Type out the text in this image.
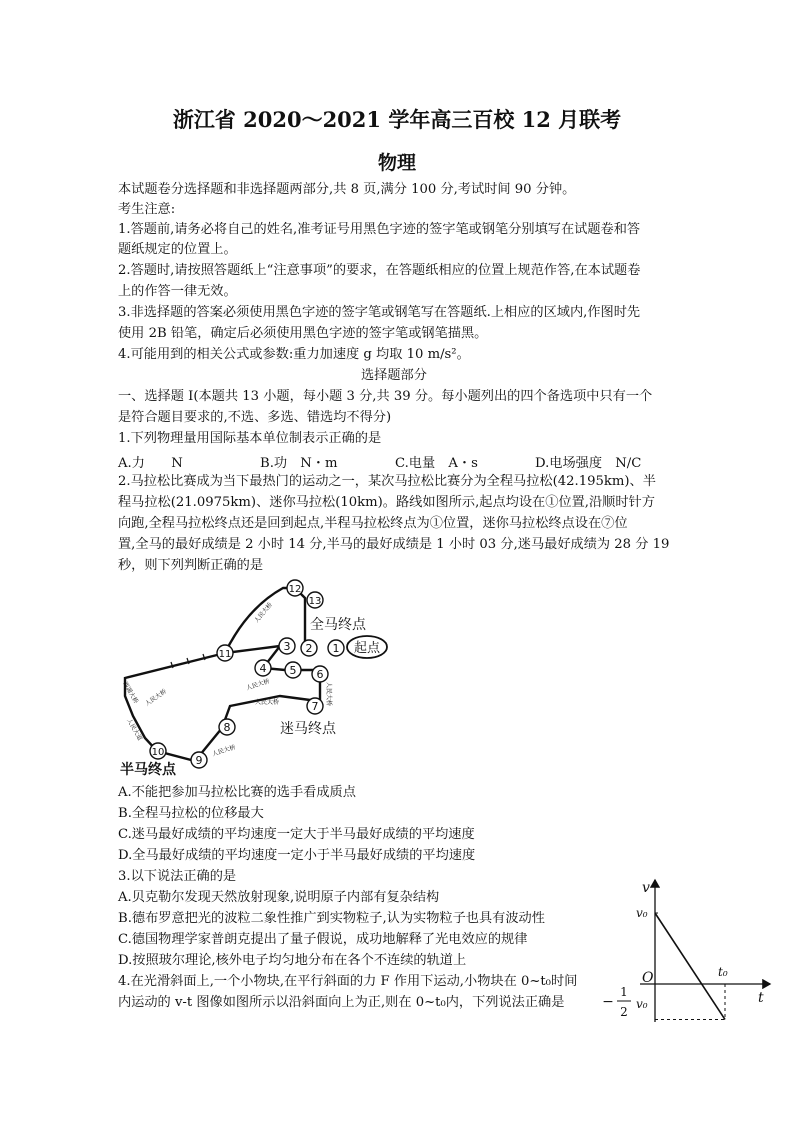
浙江省 2020～2021 学年高三百校 12 月联考
物理
本试题卷分选择题和非选择题两部分,共 8 页,满分 100 分,考试时间 90 分钟。
考生注意:
1.答题前,请务必将自己的姓名,准考证号用黑色字迹的签字笔或钢笔分别填写在试题卷和答
题纸规定的位置上。
2.答题时,请按照答题纸上“注意事项”的要求，在答题纸相应的位置上规范作答,在本试题卷
上的作答一律无效。
3.非选择题的答案必须使用黑色字迹的签字笔或钢笔写在答题纸.上相应的区域内,作图时先
使用 2B 铅笔，确定后必须使用黑色字迹的签字笔或钢笔描黑。
4.可能用到的相关公式或参数:重力加速度 g 均取 10 m/s²。
选择题部分
一、选择题 I(本题共 13 小题，每小题 3 分,共 39 分。每小题列出的四个备选项中只有一个
是符合题目要求的,不选、多选、错选均不得分)
1.下列物理量用国际基本单位制表示正确的是
A.力　　N	B.功　N・m	C.电量　A・s	D.电场强度　N/C
2.马拉松比赛成为当下最热门的运动之一，某次马拉松比赛分为全程马拉松(42.195km)、半
程马拉松(21.0975km)、迷你马拉松(10km)。路线如图所示,起点均设在①位置,沿顺时针方
向跑,全程马拉松终点还是回到起点,半程马拉松终点为①位置，迷你马拉松终点设在⑦位
置,全马的最好成绩是 2 小时 14 分,半马的最好成绩是 1 小时 03 分,迷马最好成绩为 28 分 19
秒，则下列判断正确的是
1
2
3
4 5 6
7
8
9
10
11
12
13
起点
全马终点
迷马终点
半马终点
人民大桥
人民大桥
人民大桥
人民大桥
人民大桥
西湖大桥
人民大道
人民大桥
A.不能把参加马拉松比赛的选手看成质点
B.全程马拉松的位移最大
C.迷马最好成绩的平均速度一定大于半马最好成绩的平均速度
D.全马最好成绩的平均速度一定小于半马最好成绩的平均速度
3.以下说法正确的是
A.贝克勒尔发现天然放射现象,说明原子内部有复杂结构
B.德布罗意把光的波粒二象性推广到实物粒子,认为实物粒子也具有波动性
C.德国物理学家普朗克提出了量子假说，成功地解释了光电效应的规律
D.按照玻尔理论,核外电子均匀地分布在各个不连续的轨道上
4.在光滑斜面上,一个小物块,在平行斜面的力 F 作用下运动,小物块在 0~t₀时间
内运动的 v-t 图像如图所示以沿斜面向上为正,则在 0~t₀内，下列说法正确是
v
t
O
v₀
t₀
v₀
−
1
2
